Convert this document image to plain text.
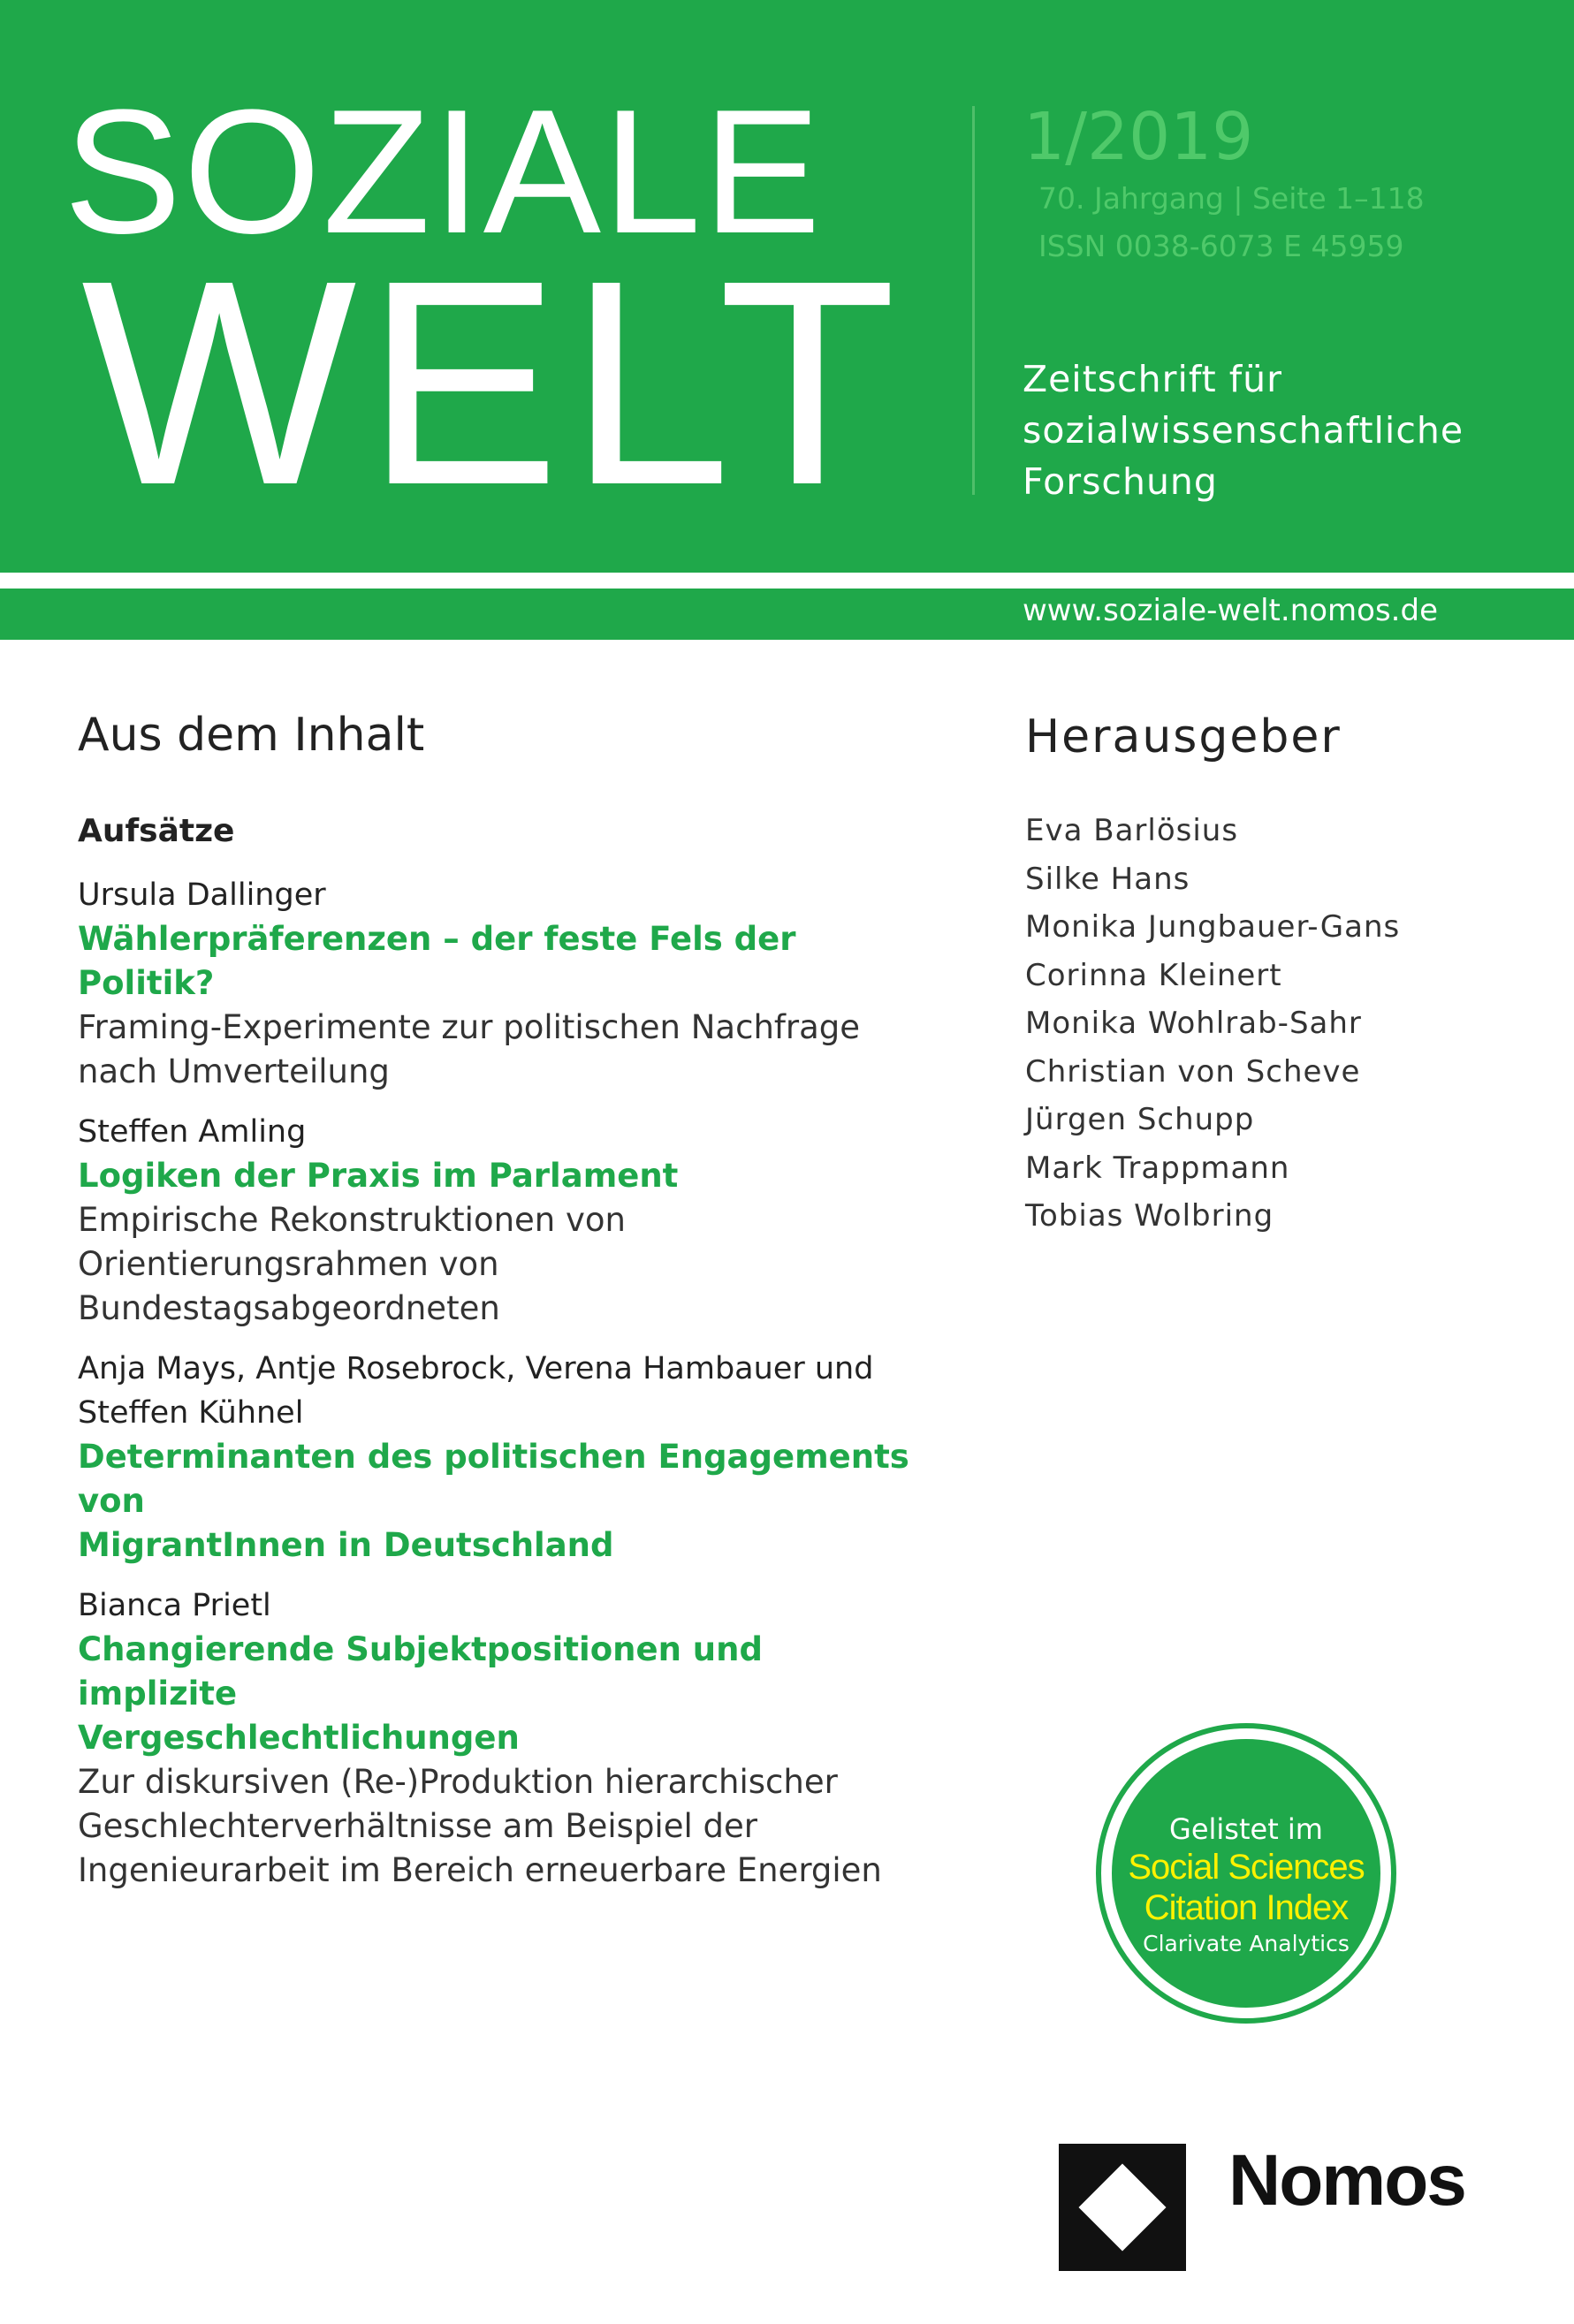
SOZIALE
WELT
1/2019
70. Jahrgang | Seite 1–118
ISSN 0038-6073 E 45959
Zeitschrift für
sozialwissenschaftliche
Forschung
www.soziale-welt.nomos.de
Aus dem Inhalt	Herausgeber
Aufsätze
Ursula Dallinger
Wählerpräferenzen – der feste Fels der Politik?
Framing-Experimente zur politischen Nachfrage
nach Umverteilung
Steffen Amling
Logiken der Praxis im Parlament
Empirische Rekonstruktionen von
Orientierungsrahmen von Bundestagsabgeordneten
Anja Mays, Antje Rosebrock, Verena Hambauer und
Steffen Kühnel
Determinanten des politischen Engagements von
MigrantInnen in Deutschland
Bianca Prietl
Changierende Subjektpositionen und implizite
Vergeschlechtlichungen
Zur diskursiven (Re-)Produktion hierarchischer
Geschlechterverhältnisse am Beispiel der
Ingenieurarbeit im Bereich erneuerbare Energien
Eva Barlösius
Silke Hans
Monika Jungbauer-Gans
Corinna Kleinert
Monika Wohlrab-Sahr
Christian von Scheve
Jürgen Schupp
Mark Trappmann
Tobias Wolbring
Gelistet im
Social Sciences
Citation Index
Clarivate Analytics
Nomos
